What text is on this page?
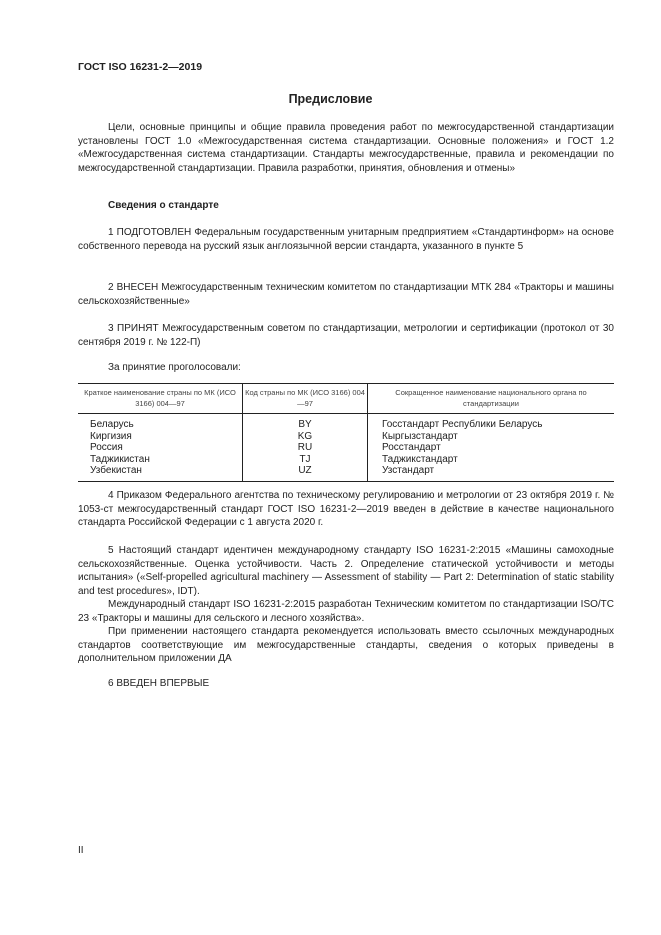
ГОСТ ISO 16231-2—2019
Предисловие
Цели, основные принципы и общие правила проведения работ по межгосударственной стандартизации установлены ГОСТ 1.0 «Межгосударственная система стандартизации. Основные положения» и ГОСТ 1.2 «Межгосударственная система стандартизации. Стандарты межгосударственные, правила и рекомендации по межгосударственной стандартизации. Правила разработки, принятия, обновления и отмены»
Сведения о стандарте
1 ПОДГОТОВЛЕН Федеральным государственным унитарным предприятием «Стандартинформ» на основе собственного перевода на русский язык англоязычной версии стандарта, указанного в пункте 5
2 ВНЕСЕН Межгосударственным техническим комитетом по стандартизации МТК 284 «Тракторы и машины сельскохозяйственные»
3 ПРИНЯТ Межгосударственным советом по стандартизации, метрологии и сертификации (протокол от 30 сентября 2019 г. № 122-П)
За принятие проголосовали:
Краткое наименование страны по МК (ИСО 3166) 004—97	Код страны по МК (ИСО 3166) 004—97	Сокращенное наименование национального органа по стандартизации
Беларусь	BY	Госстандарт Республики Беларусь
Киргизия	KG	Кыргызстандарт
Россия	RU	Росстандарт
Таджикистан	TJ	Таджикстандарт
Узбекистан	UZ	Узстандарт
4 Приказом Федерального агентства по техническому регулированию и метрологии от 23 октября 2019 г. № 1053-ст межгосударственный стандарт ГОСТ ISO 16231-2—2019 введен в действие в качестве национального стандарта Российской Федерации с 1 августа 2020 г.
5 Настоящий стандарт идентичен международному стандарту ISO 16231-2:2015 «Машины самоходные сельскохозяйственные. Оценка устойчивости. Часть 2. Определение статической устойчивости и методы испытания» («Self-propelled agricultural machinery — Assessment of stability — Part 2: Determination of static stability and test procedures», IDT).
Международный стандарт ISO 16231-2:2015 разработан Техническим комитетом по стандартизации ISO/TC 23 «Тракторы и машины для сельского и лесного хозяйства».
При применении настоящего стандарта рекомендуется использовать вместо ссылочных международных стандартов соответствующие им межгосударственные стандарты, сведения о которых приведены в дополнительном приложении ДА
6 ВВЕДЕН ВПЕРВЫЕ
II
